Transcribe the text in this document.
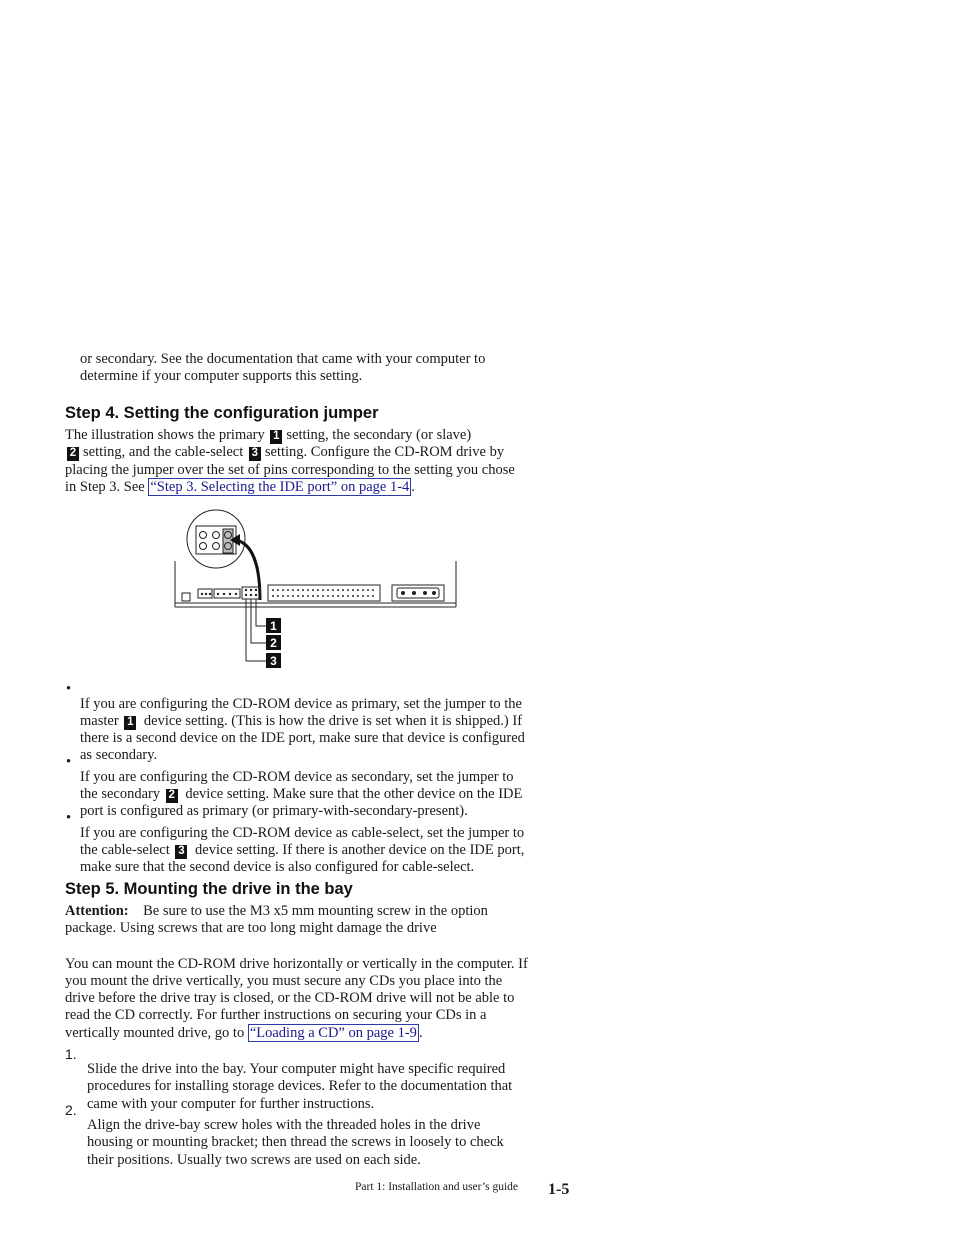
or secondary. See the documentation that came with your computer to

determine if your computer supports this setting.

Step 4. Setting the configuration jumper

The illustration shows the primary 1 setting, the secondary (or slave)

2 setting, and the cable-select 3 setting. Configure the CD-ROM drive by

placing the jumper over the set of pins corresponding to the setting you chose

in Step 3. See “Step 3. Selecting the IDE port” on page 1-4 .

1
2
3
•

If you are configuring the CD-ROM device as primary, set the jumper to the

master 1 device setting. (This is how the drive is set when it is shipped.) If

there is a second device on the IDE port, make sure that device is configured

as secondary.

•

If you are configuring the CD-ROM device as secondary, set the jumper to

the secondary 2 device setting. Make sure that the other device on the IDE

port is configured as primary (or primary-with-secondary-present).

•

If you are configuring the CD-ROM device as cable-select, set the jumper to

the cable-select 3 device setting. If there is another device on the IDE port,

make sure that the second device is also configured for cable-select.

Step 5. Mounting the drive in the bay

Attention: Be sure to use the M3 x5 mm mounting screw in the option

package. Using screws that are too long might damage the drive

You can mount the CD-ROM drive horizontally or vertically in the computer. If

you mount the drive vertically, you must secure any CDs you place into the

drive before the drive tray is closed, or the CD-ROM drive will not be able to

read the CD correctly. For further instructions on securing your CDs in a

vertically mounted drive, go to “Loading a CD” on page 1-9 .

1.

Slide the drive into the bay. Your computer might have specific required

procedures for installing storage devices. Refer to the documentation that

came with your computer for further instructions.

2.

Align the drive-bay screw holes with the threaded holes in the drive

housing or mounting bracket; then thread the screws in loosely to check

their positions. Usually two screws are used on each side.

Part 1: Installation and user’s guide 1-5
